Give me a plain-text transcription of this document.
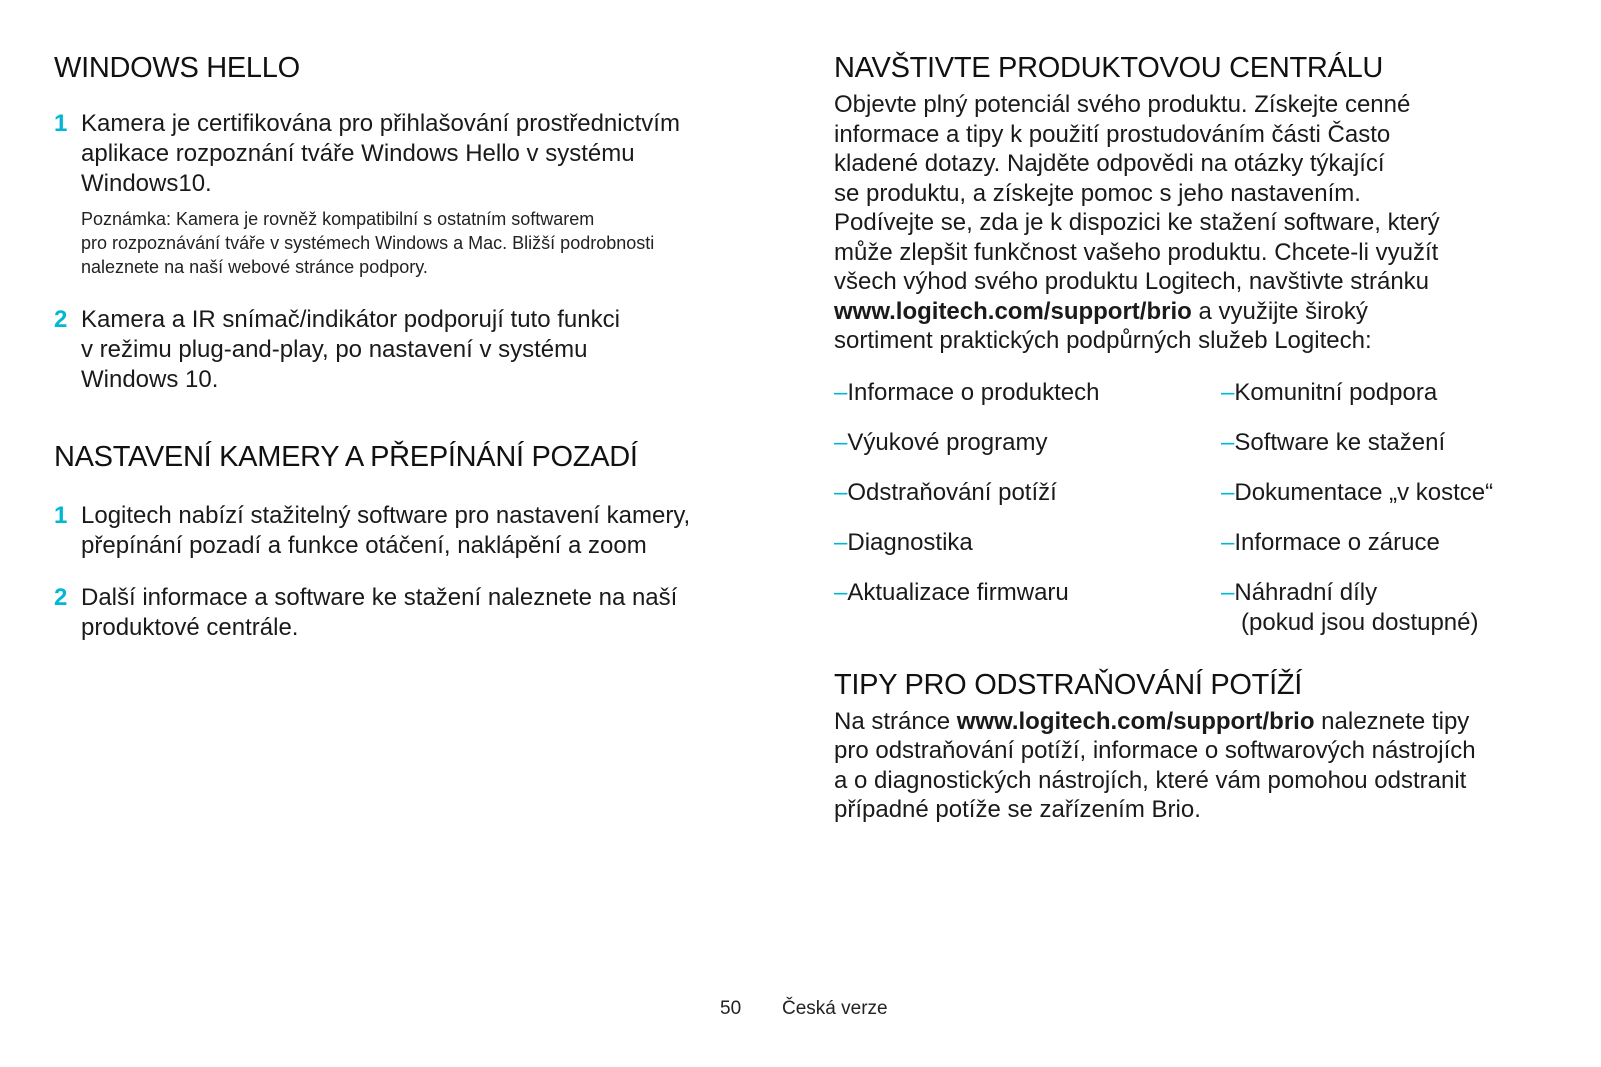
WINDOWS HELLO
1 Kamera je certifikována pro přihlašování prostřednictvím
aplikace rozpoznání tváře Windows Hello v systému
Windows10.
Poznámka: Kamera je rovněž kompatibilní s ostatním softwarem
pro rozpoznávání tváře v systémech Windows a Mac. Bližší podrobnosti
naleznete na naší webové stránce podpory.
2 Kamera a IR snímač/indikátor podporují tuto funkci
v režimu plug-and-play, po nastavení v systému
Windows 10.
NASTAVENÍ KAMERY A PŘEPÍNÁNÍ POZADÍ
1 Logitech nabízí stažitelný software pro nastavení kamery,
přepínání pozadí a funkce otáčení, naklápění a zoom
2 Další informace a software ke stažení naleznete na naší
produktové centrále.
NAVŠTIVTE PRODUKTOVOU CENTRÁLU

Objevte plný potenciál svého produktu. Získejte cenné
informace a tipy k použití prostudováním části Často
kladené dotazy. Najděte odpovědi na otázky týkající
se produktu, a získejte pomoc s jeho nastavením.
Podívejte se, zda je k dispozici ke stažení software, který
může zlepšit funkčnost vašeho produktu. Chcete-li využít
všech výhod svého produktu Logitech, navštivte stránku
www.logitech.com/support/brio a využijte široký
sortiment praktických podpůrných služeb Logitech:

–Informace o produktech
–Výukové programy
–Odstraňování potíží
–Diagnostika
–Aktualizace firmwaru
–Komunitní podpora
–Software ke stažení
–Dokumentace „v kostce“
–Informace o záruce
–Náhradní díly
(pokud jsou dostupné)
TIPY PRO ODSTRAŇOVÁNÍ POTÍŽÍ

Na stránce www.logitech.com/support/brio naleznete tipy
pro odstraňování potíží, informace o softwarových nástrojích
a o diagnostických nástrojích, které vám pomohou odstranit
případné potíže se zařízením Brio.

50 Česká verze
